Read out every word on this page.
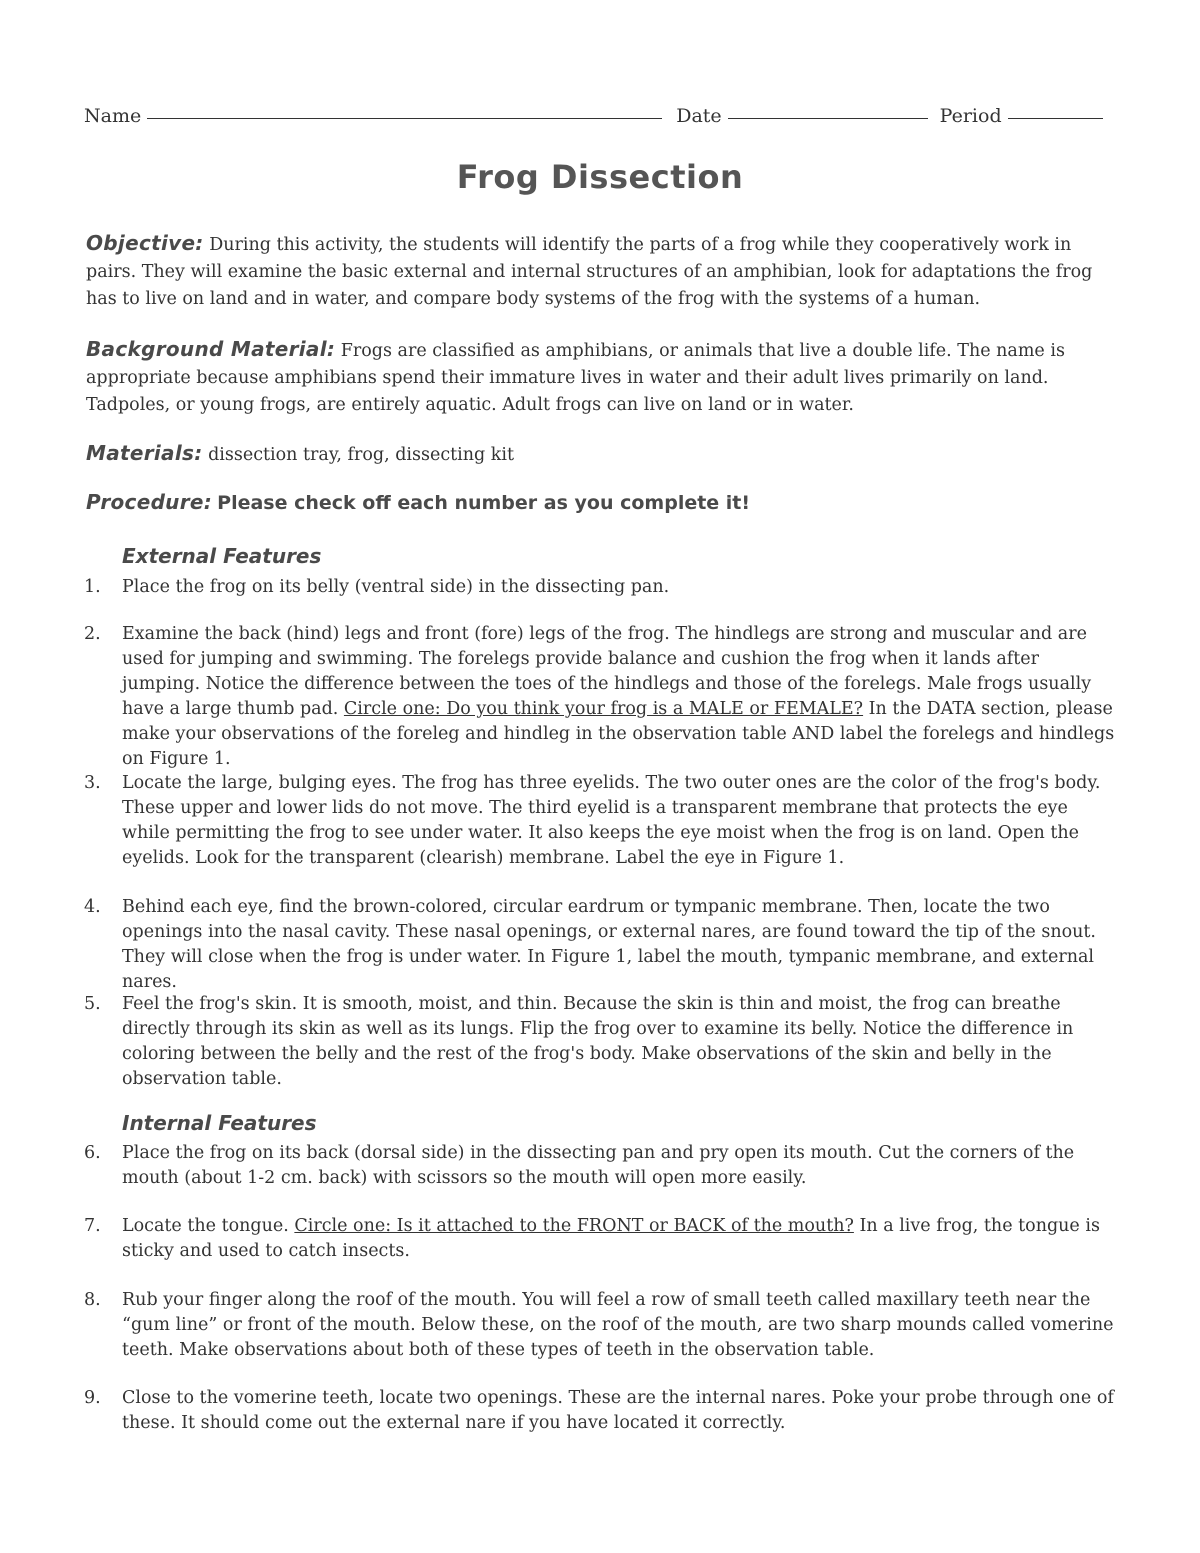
Name	Date	Period
Frog Dissection
Objective: During this activity, the students will identify the parts of a frog while they cooperatively work in pairs. They will examine the basic external and internal structures of an amphibian, look for adaptations the frog has to live on land and in water, and compare body systems of the frog with the systems of a human.
Background Material: Frogs are classified as amphibians, or animals that live a double life. The name is appropriate because amphibians spend their immature lives in water and their adult lives primarily on land. Tadpoles, or young frogs, are entirely aquatic. Adult frogs can live on land or in water.
Materials: dissection tray, frog, dissecting kit
Procedure: Please check off each number as you complete it!
External Features
1.	Place the frog on its belly (ventral side) in the dissecting pan.
2.	Examine the back (hind) legs and front (fore) legs of the frog. The hindlegs are strong and muscular and are used for jumping and swimming. The forelegs provide balance and cushion the frog when it lands after jumping. Notice the difference between the toes of the hindlegs and those of the forelegs. Male frogs usually have a large thumb pad. Circle one: Do you think your frog is a MALE or FEMALE? In the DATA section, please make your observations of the foreleg and hindleg in the observation table AND label the forelegs and hindlegs on Figure 1.
3.	Locate the large, bulging eyes. The frog has three eyelids. The two outer ones are the color of the frog's body. These upper and lower lids do not move. The third eyelid is a transparent membrane that protects the eye while permitting the frog to see under water. It also keeps the eye moist when the frog is on land. Open the eyelids. Look for the transparent (clearish) membrane. Label the eye in Figure 1.
4.	Behind each eye, find the brown-colored, circular eardrum or tympanic membrane. Then, locate the two openings into the nasal cavity. These nasal openings, or external nares, are found toward the tip of the snout. They will close when the frog is under water. In Figure 1, label the mouth, tympanic membrane, and external nares.
5.	Feel the frog's skin. It is smooth, moist, and thin. Because the skin is thin and moist, the frog can breathe directly through its skin as well as its lungs. Flip the frog over to examine its belly. Notice the difference in coloring between the belly and the rest of the frog's body. Make observations of the skin and belly in the observation table.
Internal Features
6.	Place the frog on its back (dorsal side) in the dissecting pan and pry open its mouth. Cut the corners of the mouth (about 1-2 cm. back) with scissors so the mouth will open more easily.
7.	Locate the tongue. Circle one: Is it attached to the FRONT or BACK of the mouth? In a live frog, the tongue is sticky and used to catch insects.
8.	Rub your finger along the roof of the mouth. You will feel a row of small teeth called maxillary teeth near the “gum line” or front of the mouth. Below these, on the roof of the mouth, are two sharp mounds called vomerine teeth. Make observations about both of these types of teeth in the observation table.
9.	Close to the vomerine teeth, locate two openings. These are the internal nares. Poke your probe through one of these. It should come out the external nare if you have located it correctly.
